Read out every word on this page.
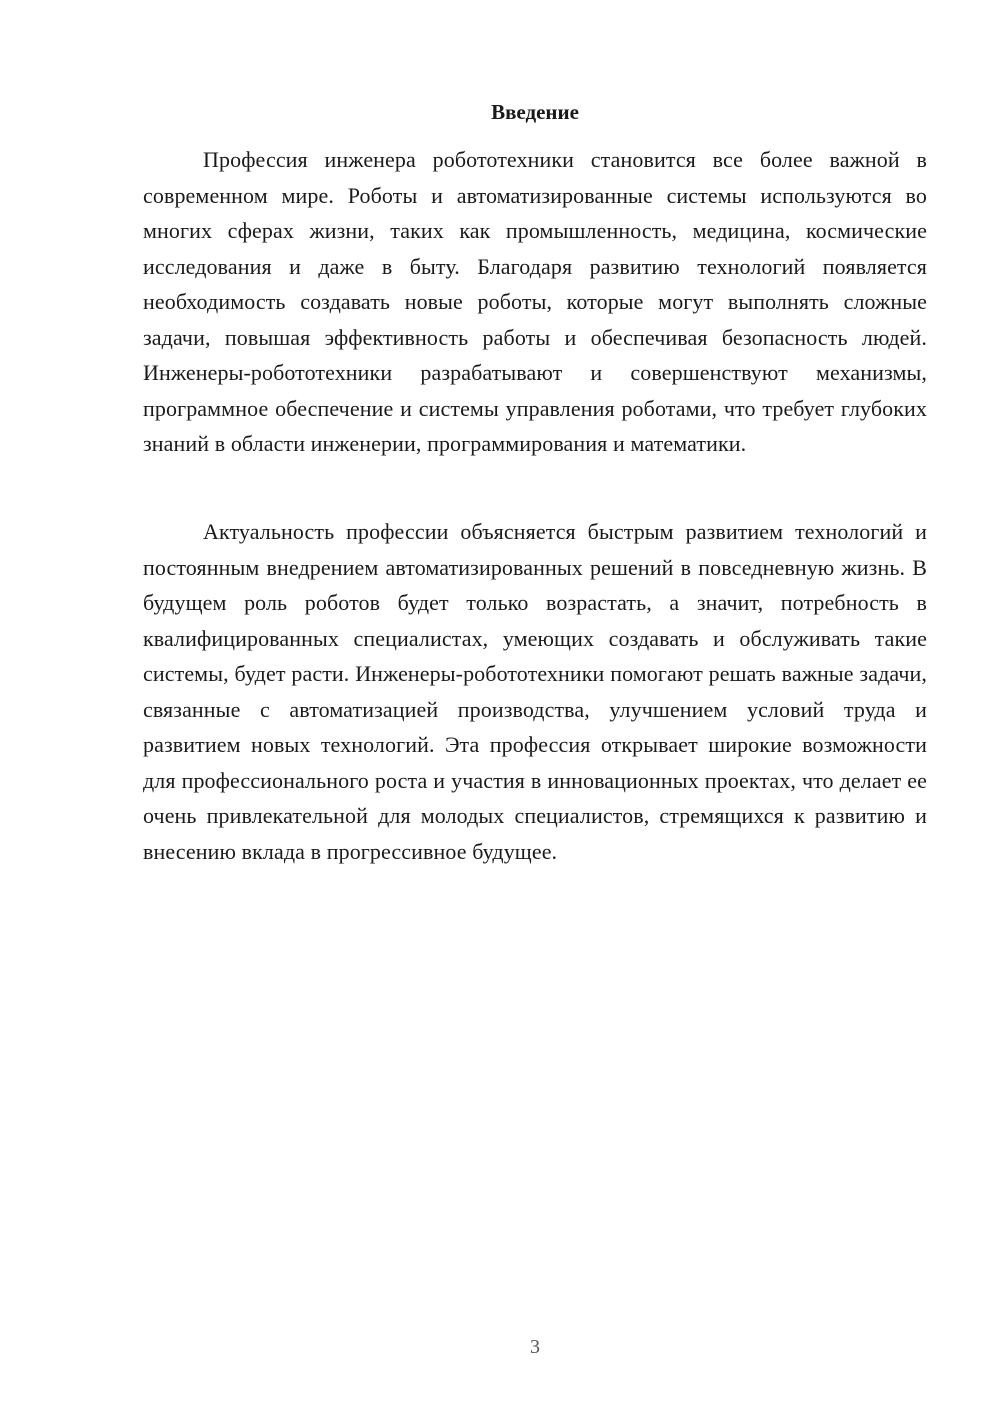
Введение

Профессия инженера робототехники становится все более важной в современном мире. Роботы и автоматизированные системы используются во многих сферах жизни, таких как промышленность, медицина, космические исследования и даже в быту. Благодаря развитию технологий появляется необходимость создавать новые роботы, которые могут выполнять сложные задачи, повышая эффективность работы и обеспечивая безопасность людей. Инженеры-робототехники разрабатывают и совершенствуют механизмы, программное обеспечение и системы управления роботами, что требует глубоких знаний в области инженерии, программирования и математики.

Актуальность профессии объясняется быстрым развитием технологий и постоянным внедрением автоматизированных решений в повседневную жизнь. В будущем роль роботов будет только возрастать, а значит, потребность в квалифицированных специалистах, умеющих создавать и обслуживать такие системы, будет расти. Инженеры-робототехники помогают решать важные задачи, связанные с автоматизацией производства, улучшением условий труда и развитием новых технологий. Эта профессия открывает широкие возможности для профессионального роста и участия в инновационных проектах, что делает ее очень привлекательной для молодых специалистов, стремящихся к развитию и внесению вклада в прогрессивное будущее.

3
